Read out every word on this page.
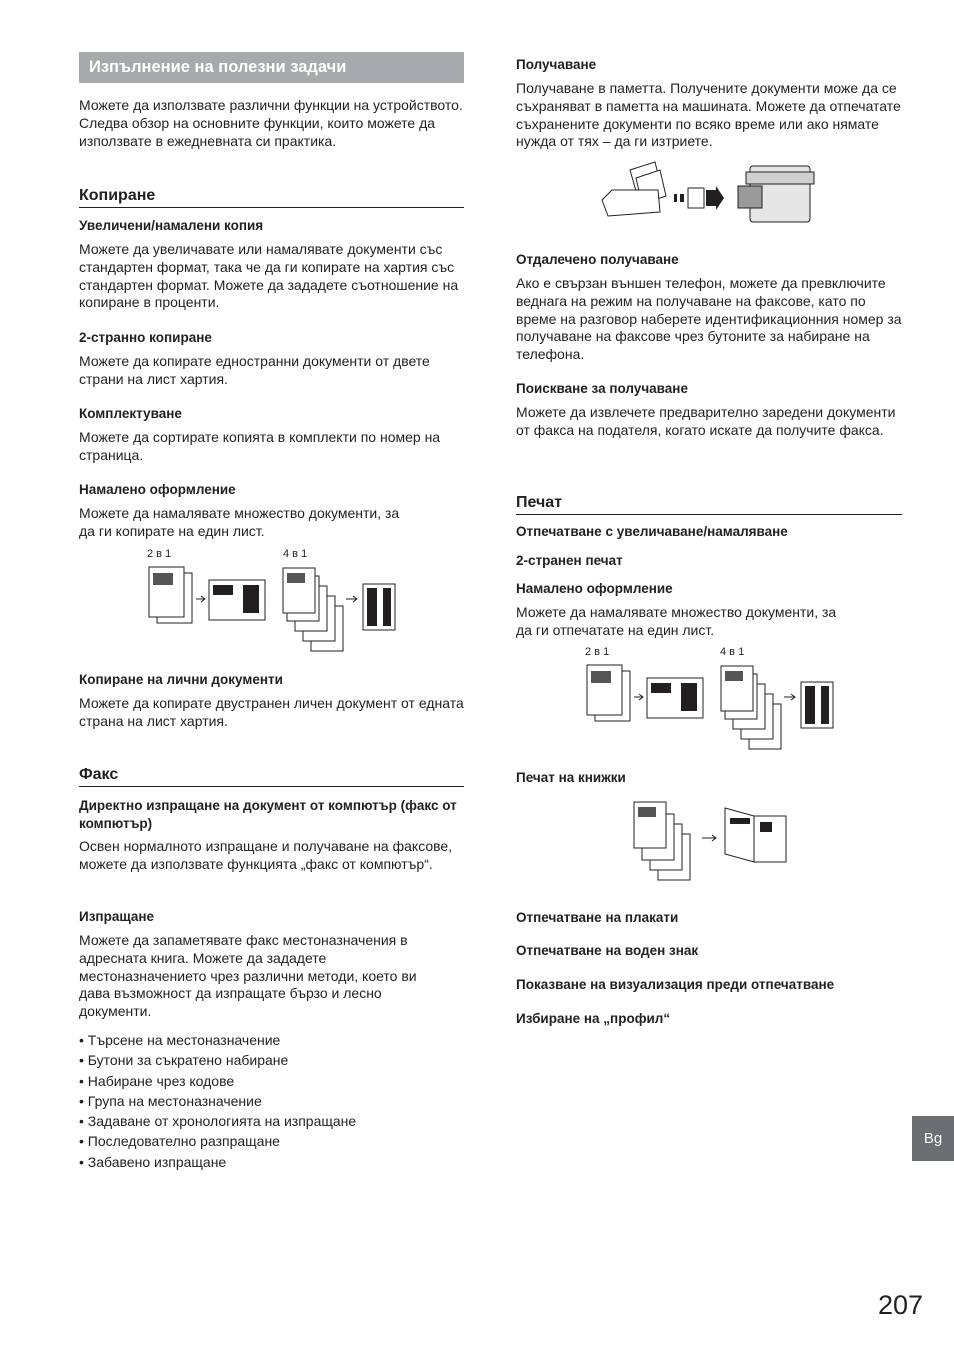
Изпълнение на полезни задачи
Можете да използвате различни функции на устройството. Следва обзор на основните функции, които можете да използвате в ежедневната си практика.
Копиране
Увеличени/намалени копия
Можете да увеличавате или намалявате документи със стандартен формат, така че да ги копирате на хартия със стандартен формат. Можете да зададете съотношение на копиране в проценти.
2-странно копиране
Можете да копирате едностранни документи от двете страни на лист хартия.
Комплектуване
Можете да сортирате копията в комплекти по номер на страница.
Намалено оформление
Можете да намалявате множество документи, за да ги копирате на един лист.
2 в 1	4 в 1
Копиране на лични документи
Можете да копирате двустранен личен документ от едната страна на лист хартия.
Факс
Директно изпращане на документ от компютър (факс от компютър)
Освен нормалното изпращане и получаване на факсове, можете да използвате функцията „факс от компютър“.
Изпращане
Можете да запаметявате факс местоназначения в адресната книга. Можете да зададете местоназначението чрез различни методи, което ви дава възможност да изпращате бързо и лесно документи.
• Търсене на местоназначение
• Бутони за съкратено набиране
• Набиране чрез кодове
• Група на местоназначение
• Задаване от хронологията на изпращане
• Последователно разпращане
• Забавено изпращане
Получаване
Получаване в паметта. Получените документи може да се съхраняват в паметта на машината. Можете да отпечатате съхранените документи по всяко време или ако нямате нужда от тях – да ги изтриете.
Отдалечено получаване
Ако е свързан външен телефон, можете да превключите веднага на режим на получаване на факсове, като по време на разговор наберете идентификационния номер за получаване на факсове чрез бутоните за набиране на телефона.
Поискване за получаване
Можете да извлечете предварително заредени документи от факса на подателя, когато искате да получите факса.
Печат
Отпечатване с увеличаване/намаляване
2-странен печат
Намалено оформление
Можете да намалявате множество документи, за да ги отпечатате на един лист.
2 в 1	4 в 1
Печат на книжки
Отпечатване на плакати
Отпечатване на воден знак
Показване на визуализация преди отпечатване
Избиране на „профил“
Bg
207
